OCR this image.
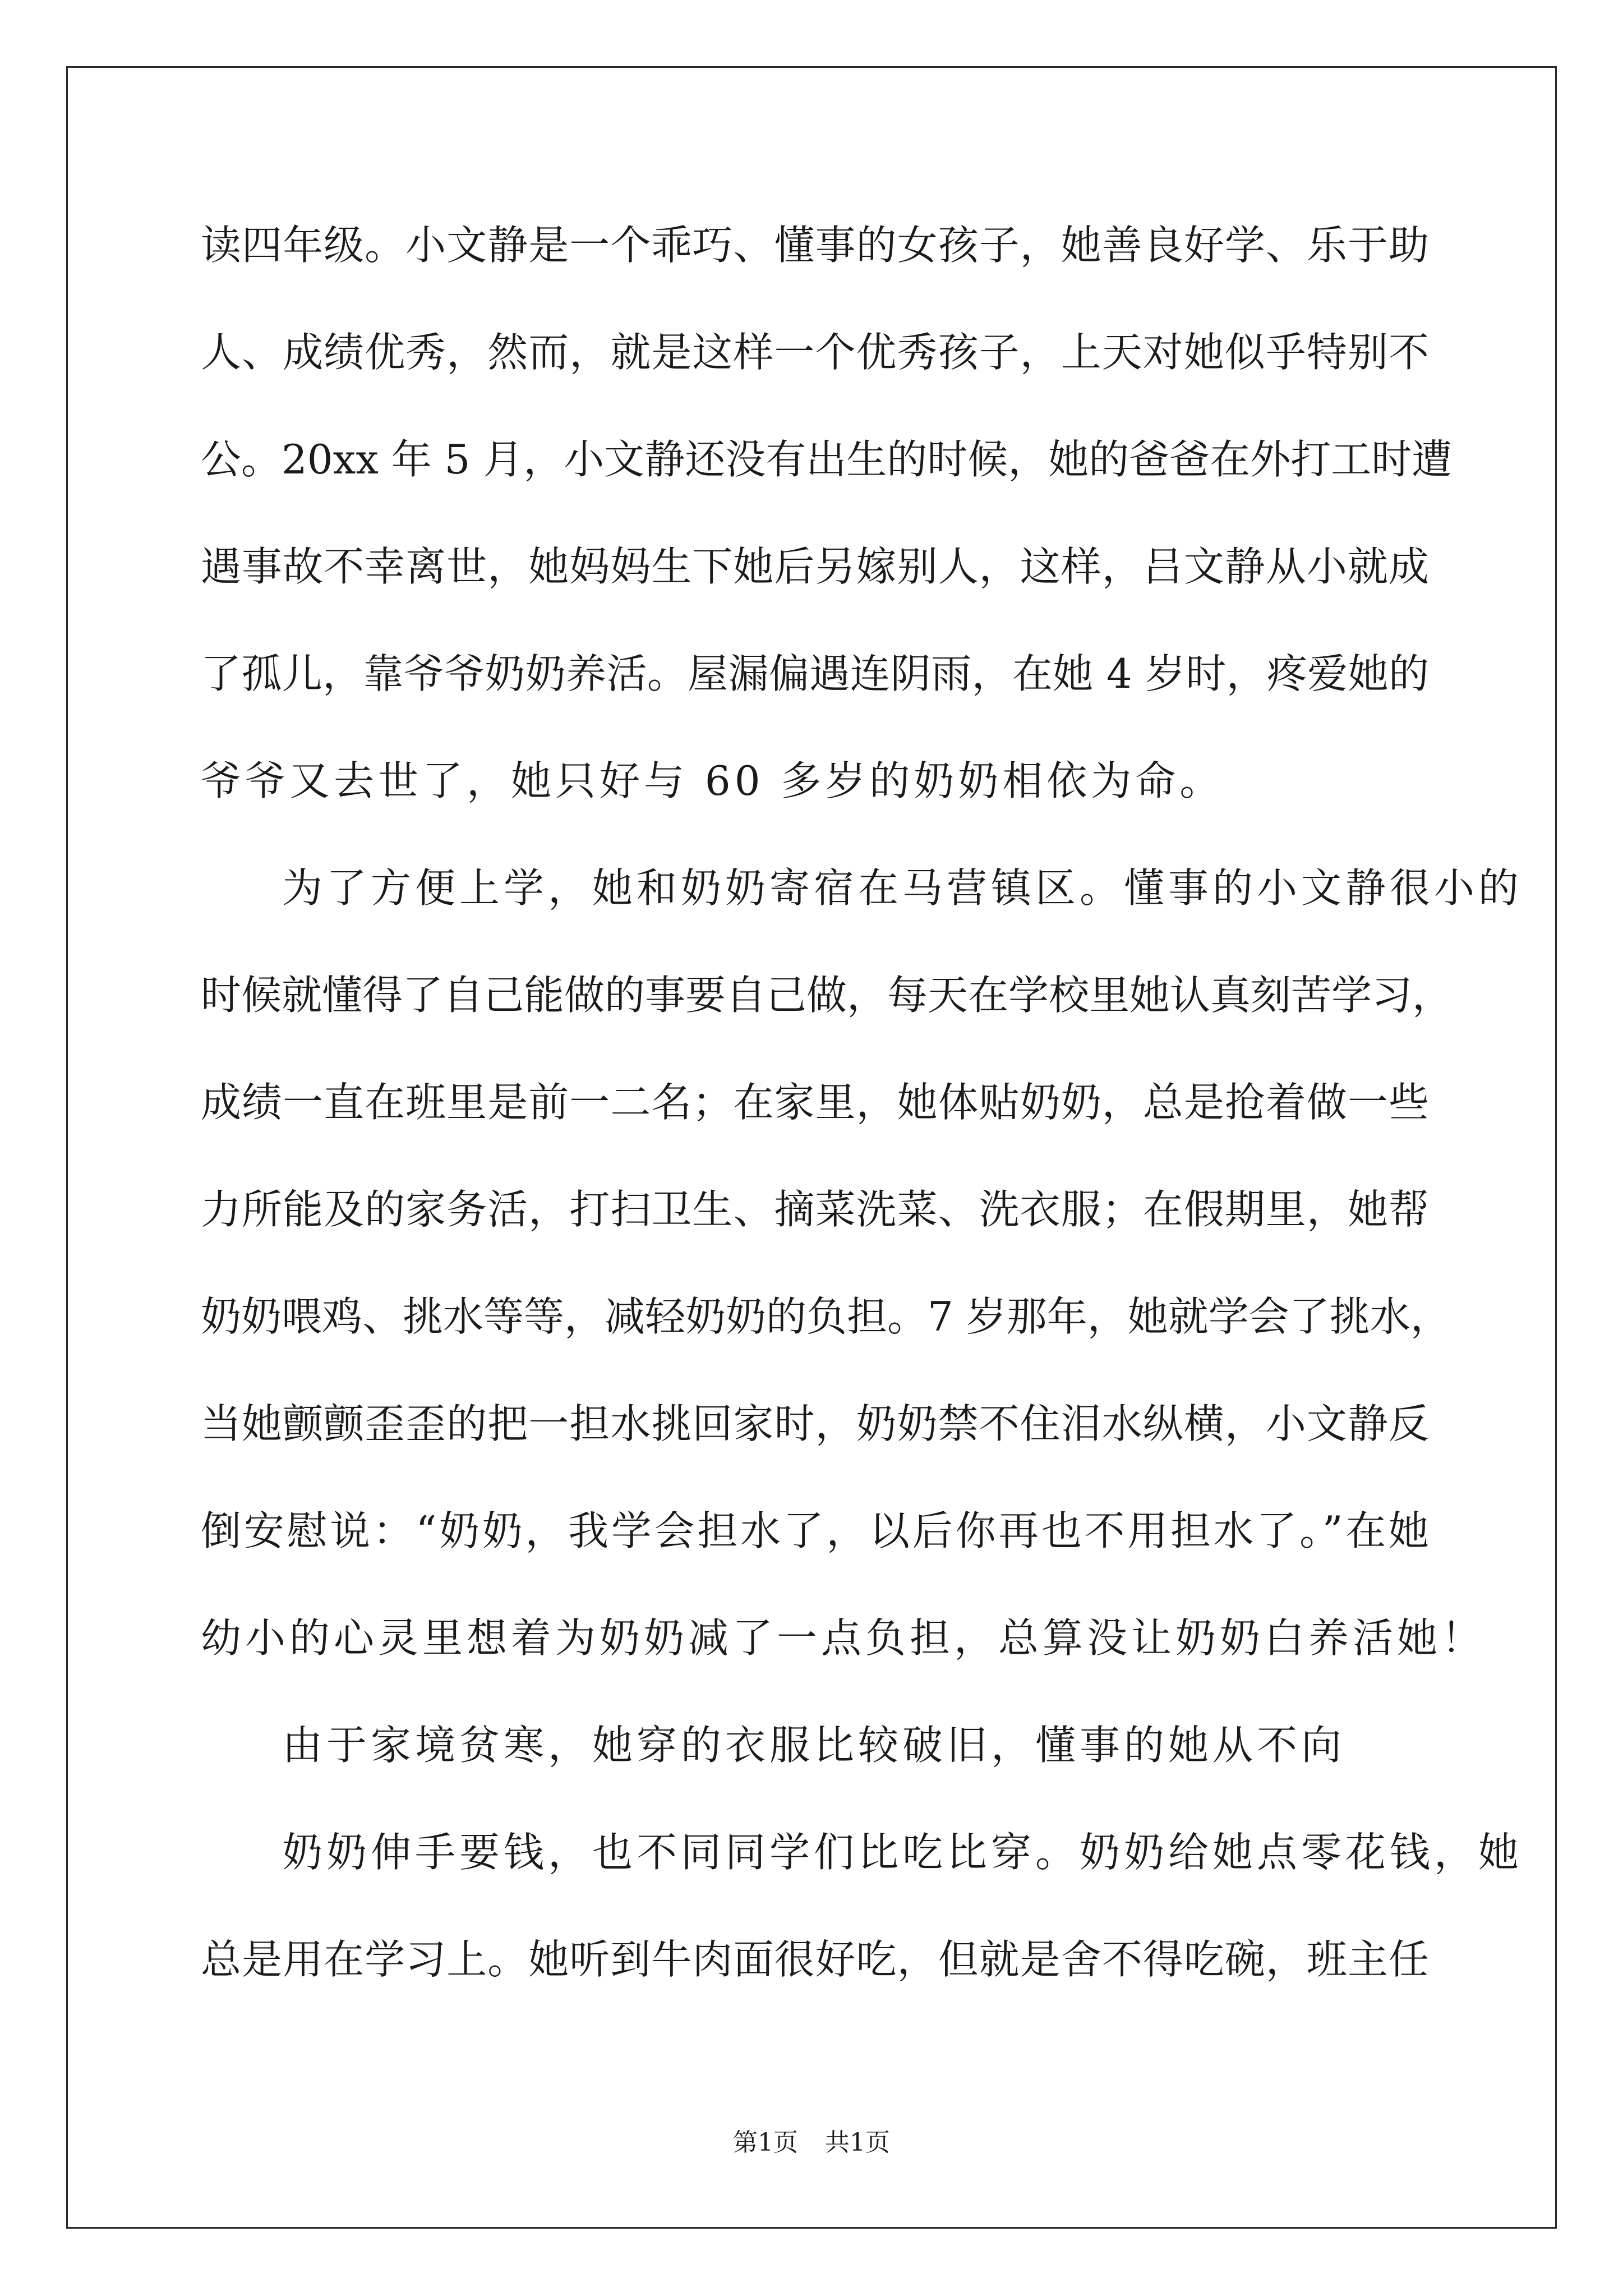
读四年级。小文静是一个乖巧、懂事的女孩子，她善良好学、乐于助
人、成绩优秀，然而，就是这样一个优秀孩子，上天对她似乎特别不
公。20xx 年 5 月，小文静还没有出生的时候，她的爸爸在外打工时遭
遇事故不幸离世，她妈妈生下她后另嫁别人，这样，吕文静从小就成
了孤儿，靠爷爷奶奶养活。屋漏偏遇连阴雨，在她 4 岁时，疼爱她的
爷爷又去世了，她只好与 60 多岁的奶奶相依为命。
为了方便上学，她和奶奶寄宿在马营镇区。懂事的小文静很小的
时候就懂得了自己能做的事要自己做，每天在学校里她认真刻苦学习，
成绩一直在班里是前一二名；在家里，她体贴奶奶，总是抢着做一些
力所能及的家务活，打扫卫生、摘菜洗菜、洗衣服；在假期里，她帮
奶奶喂鸡、挑水等等，减轻奶奶的负担。7 岁那年，她就学会了挑水，
当她颤颤歪歪的把一担水挑回家时，奶奶禁不住泪水纵横，小文静反
倒安慰说：“奶奶，我学会担水了，以后你再也不用担水了。”在她
幼小的心灵里想着为奶奶减了一点负担，总算没让奶奶白养活她！
由于家境贫寒，她穿的衣服比较破旧，懂事的她从不向
奶奶伸手要钱，也不同同学们比吃比穿。奶奶给她点零花钱，她
总是用在学习上。她听到牛肉面很好吃，但就是舍不得吃碗，班主任
第1页 共1页
